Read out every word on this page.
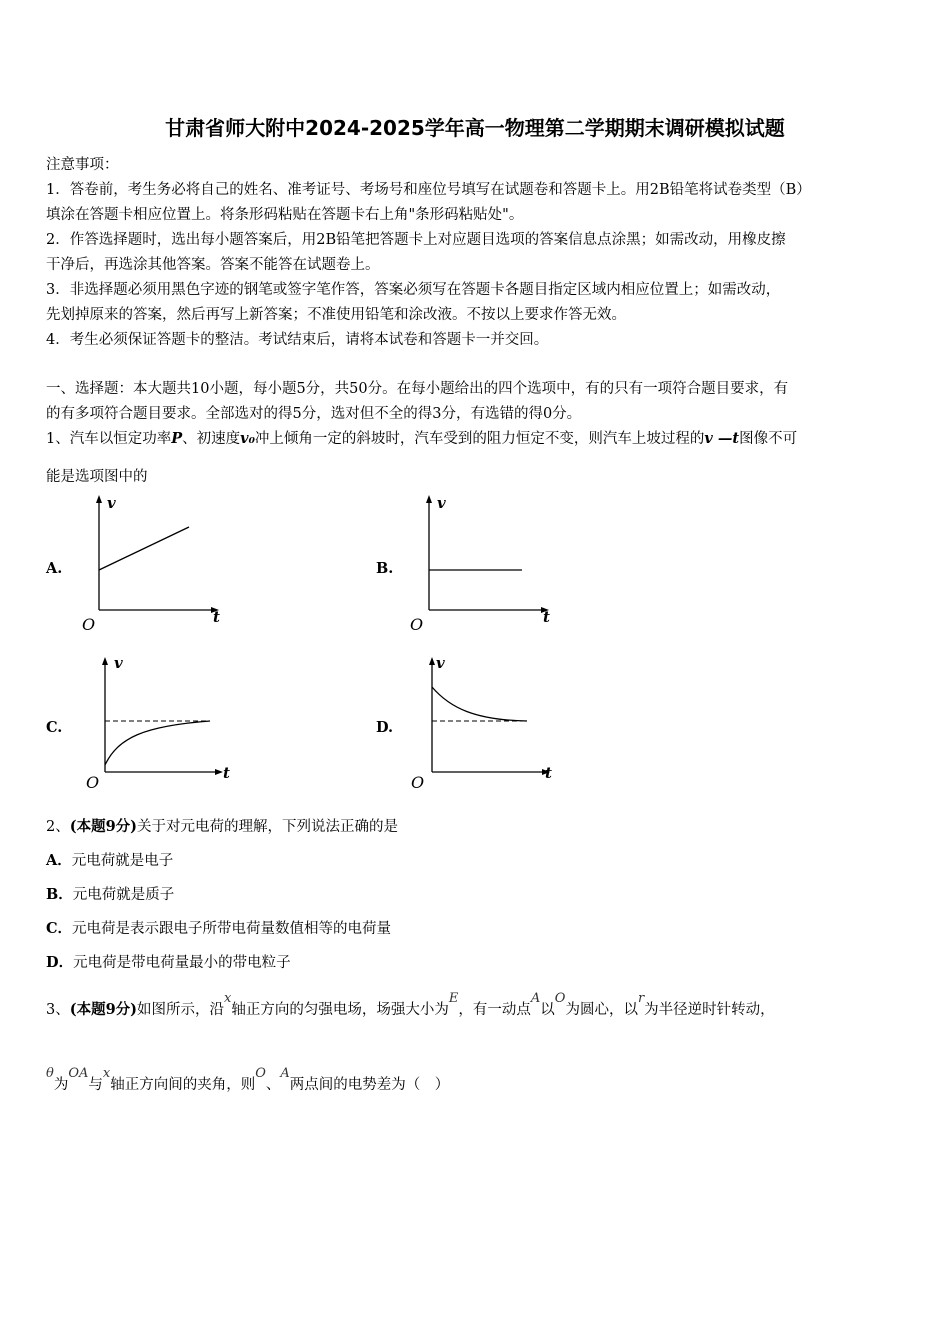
甘肃省师大附中2024-2025学年高一物理第二学期期末调研模拟试题
注意事项：
1．答卷前，考生务必将自己的姓名、准考证号、考场号和座位号填写在试题卷和答题卡上。用2B铅笔将试卷类型（B）
填涂在答题卡相应位置上。将条形码粘贴在答题卡右上角"条形码粘贴处"。
2．作答选择题时，选出每小题答案后，用2B铅笔把答题卡上对应题目选项的答案信息点涂黑；如需改动，用橡皮擦
干净后，再选涂其他答案。答案不能答在试题卷上。
3．非选择题必须用黑色字迹的钢笔或签字笔作答，答案必须写在答题卡各题目指定区域内相应位置上；如需改动，
先划掉原来的答案，然后再写上新答案；不准使用铅笔和涂改液。不按以上要求作答无效。
4．考生必须保证答题卡的整洁。考试结束后，请将本试卷和答题卡一并交回。
一、选择题：本大题共10小题，每小题5分，共50分。在每小题给出的四个选项中，有的只有一项符合题目要求，有
的有多项符合题目要求。全部选对的得5分，选对但不全的得3分，有选错的得0分。
1、汽车以恒定功率P、初速度v₀冲上倾角一定的斜坡时，汽车受到的阻力恒定不变，则汽车上坡过程的v —t图像不可
能是选项图中的
A.
v
t
O
B.
v
t
O
C.
v
t
O
D.
v
t
O
2、(本题9分)关于对元电荷的理解，下列说法正确的是
A．元电荷就是电子
B．元电荷就是质子
C．元电荷是表示跟电子所带电荷量数值相等的电荷量
D．元电荷是带电荷量最小的带电粒子
3、(本题9分)如图所示，沿x轴正方向的匀强电场，场强大小为E，有一动点A以O为圆心，以r为半径逆时针转动，
θ为OA与x轴正方向间的夹角，则O、A两点间的电势差为（　）
